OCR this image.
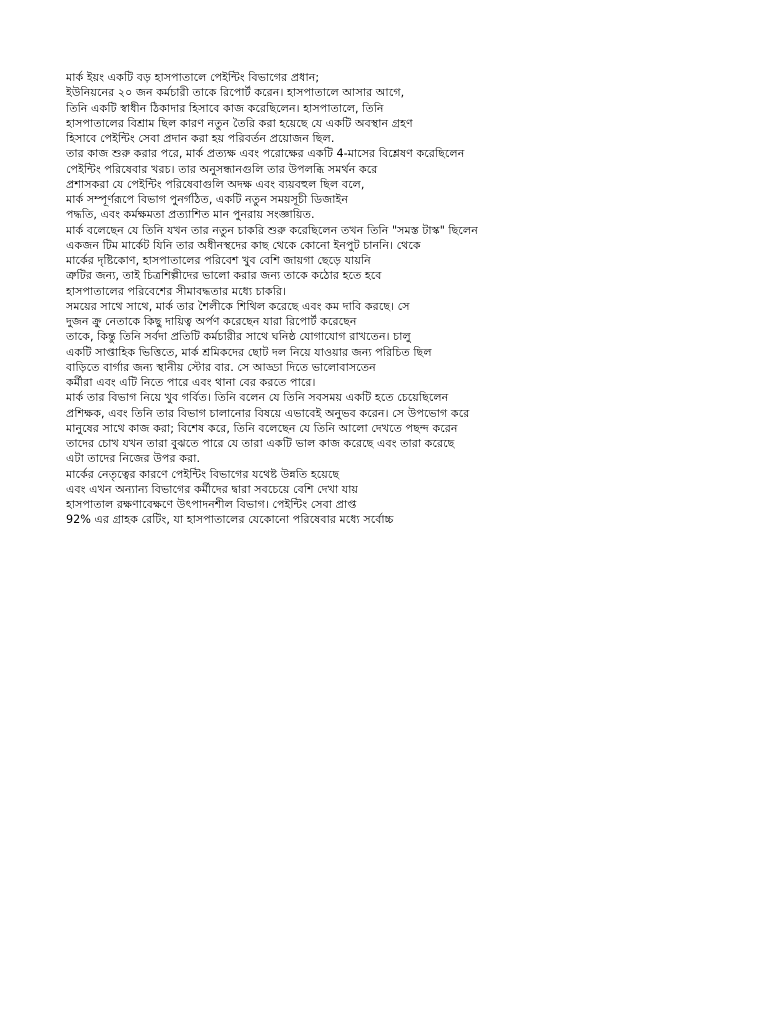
মার্ক ইয়ং একটি বড় হাসপাতালে পেইন্টিং বিভাগের প্রধান;
ইউনিয়নের ২০ জন কর্মচারী তাকে রিপোর্ট করেন। হাসপাতালে আসার আগে,
তিনি একটি স্বাধীন ঠিকাদার হিসাবে কাজ করেছিলেন। হাসপাতালে, তিনি
হাসপাতালের বিশ্রাম ছিল কারণ নতুন তৈরি করা হয়েছে যে একটি অবস্থান গ্রহণ
হিসাবে পেইন্টিং সেবা প্রদান করা হয় পরিবর্তন প্রয়োজন ছিল.
তার কাজ শুরু করার পরে, মার্ক প্রত্যক্ষ এবং পরোক্ষের একটি 4-মাসের বিশ্লেষণ করেছিলেন
পেইন্টিং পরিষেবার খরচ। তার অনুসন্ধানগুলি তার উপলব্ধি সমর্থন করে
প্রশাসকরা যে পেইন্টিং পরিষেবাগুলি অদক্ষ এবং ব্যয়বহুল ছিল বলে,
মার্ক সম্পূর্ণরূপে বিভাগ পুনর্গঠিত, একটি নতুন সময়সূচী ডিজাইন
পদ্ধতি, এবং কর্মক্ষমতা প্রত্যাশিত মান পুনরায় সংজ্ঞায়িত.
মার্ক বলেছেন যে তিনি যখন তার নতুন চাকরি শুরু করেছিলেন তখন তিনি "সমস্ত টাস্ক" ছিলেন
একজন টিম মার্কেট যিনি তার অধীনস্থদের কাছ থেকে কোনো ইনপুট চাননি। থেকে
মার্কের দৃষ্টিকোণ, হাসপাতালের পরিবেশ খুব বেশি জায়গা ছেড়ে যায়নি
ত্রুটির জন্য, তাই চিত্রশিল্পীদের ভালো করার জন্য তাকে কঠোর হতে হবে
হাসপাতালের পরিবেশের সীমাবদ্ধতার মধ্যে চাকরি।
সময়ের সাথে সাথে, মার্ক তার শৈলীকে শিথিল করেছে এবং কম দাবি করছে। সে
দুজন ক্রু নেতাকে কিছু দায়িত্ব অর্পণ করেছেন যারা রিপোর্ট করেছেন
তাকে, কিন্তু তিনি সর্বদা প্রতিটি কর্মচারীর সাথে ঘনিষ্ঠ যোগাযোগ রাখতেন। চালু
একটি সাপ্তাহিক ভিত্তিতে, মার্ক শ্রমিকদের ছোট দল নিয়ে যাওয়ার জন্য পরিচিত ছিল
বাড়িতে বার্গার জন্য স্থানীয় স্টোর বার. সে আড্ডা দিতে ভালোবাসতেন
কর্মীরা এবং এটি নিতে পারে এবং থানা বের করতে পারে।
মার্ক তার বিভাগ নিয়ে খুব গর্বিত। তিনি বলেন যে তিনি সবসময় একটি হতে চেয়েছিলেন
প্রশিক্ষক, এবং তিনি তার বিভাগ চালানোর বিষয়ে এভাবেই অনুভব করেন। সে উপভোগ করে
মানুষের সাথে কাজ করা; বিশেষ করে, তিনি বলেছেন যে তিনি আলো দেখতে পছন্দ করেন
তাদের চোখ যখন তারা বুঝতে পারে যে তারা একটি ভাল কাজ করেছে এবং তারা করেছে
এটা তাদের নিজের উপর করা.
মার্কের নেতৃত্বের কারণে পেইন্টিং বিভাগের যথেষ্ট উন্নতি হয়েছে
এবং এখন অন্যান্য বিভাগের কর্মীদের দ্বারা সবচেয়ে বেশি দেখা যায়
হাসপাতাল রক্ষণাবেক্ষণে উৎপাদনশীল বিভাগ। পেইন্টিং সেবা প্রাপ্ত
92% এর গ্রাহক রেটিং, যা হাসপাতালের যেকোনো পরিষেবার মধ্যে সর্বোচ্চ
